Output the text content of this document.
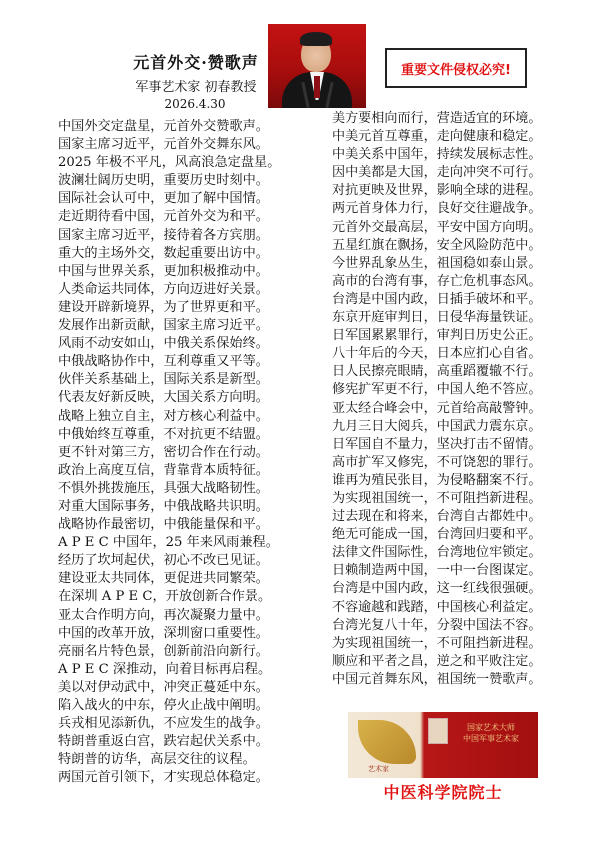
元首外交·赞歌声
军事艺术家 初春教授
2026.4.30
重要文件侵权必究!
中国外交定盘星，元首外交赞歌声。
国家主席习近平，元首外交舞东风。
2025 年极不平凡，风高浪急定盘星。
波澜壮阔历史明，重要历史时刻中。
国际社会认可中，更加了解中国情。
走近期待看中国，元首外交为和平。
国家主席习近平，接待着各方宾朋。
重大的主场外交，数起重要出访中。
中国与世界关系，更加积极推动中。
人类命运共同体，方向迈进好关景。
建设开辟新境界，为了世界更和平。
发展作出新贡献，国家主席习近平。
风雨不动安如山，中俄关系保始终。
中俄战略协作中，互利尊重又平等。
伙伴关系基础上，国际关系是新型。
代表友好新反映，大国关系方向明。
战略上独立自主，对方核心利益中。
中俄始终互尊重，不对抗更不结盟。
更不针对第三方，密切合作在行动。
政治上高度互信，背靠背本质特征。
不惧外挑拨施压，具强大战略韧性。
对重大国际事务，中俄战略共识明。
战略协作最密切，中俄能量保和平。
A P E C 中国年，25 年来风雨兼程。
经历了坎坷起伏，初心不改已见证。
建设亚太共同体，更促进共同繁荣。
在深圳 A P E C，开放创新合作景。
亚太合作明方向，再次凝聚力量中。
中国的改革开放，深圳窗口重要性。
亮丽名片特色景，创新前沿向新行。
A P E C 深推动，向着目标再启程。
美以对伊动武中，冲突正蔓延中东。
陷入战火的中东，停火止战中阐明。
兵戎相见添新仇，不应发生的战争。
特朗普重返白宫，跌宕起伏关系中。
特朗普的访华，高层交往的议程。
两国元首引领下，才实现总体稳定。
美方要相向而行，营造适宜的环境。
中美元首互尊重，走向健康和稳定。
中美关系中国年，持续发展标志性。
因中美都是大国，走向冲突不可行。
对抗更映及世界，影响全球的进程。
两元首身体力行，良好交往避战争。
元首外交最高层，平安中国方向明。
五星红旗在飘扬，安全风险防范中。
今世界乱象丛生，祖国稳如泰山景。
高市的台湾有事，存亡危机事态风。
台湾是中国内政，日插手破坏和平。
东京开庭审判日，日侵华海量铁证。
日军国累累罪行，审判日历史公正。
八十年后的今天，日本应扪心自省。
日人民擦亮眼睛，高重蹈覆辙不行。
修宪扩军更不行，中国人绝不答应。
亚太经合峰会中，元首给高敲警钟。
九月三日大阅兵，中国武力震东京。
日军国自不量力，坚决打击不留情。
高市扩军又修宪，不可饶恕的罪行。
谁再为殖民张目，为侵略翻案不行。
为实现祖国统一，不可阻挡新进程。
过去现在和将来，台湾自古都姓中。
绝无可能成一国，台湾回归要和平。
法律文件国际性，台湾地位牢锁定。
日赖制造两中国，一中一台图谋定。
台湾是中国内政，这一红线很强硬。
不容逾越和践踏，中国核心利益定。
台湾光复八十年，分裂中国法不容。
为实现祖国统一，不可阻挡新进程。
顺应和平者之昌，逆之和平败注定。
中国元首舞东风，祖国统一赞歌声。
国家艺术大师
中国军事艺术家
艺术家
中医科学院院士
